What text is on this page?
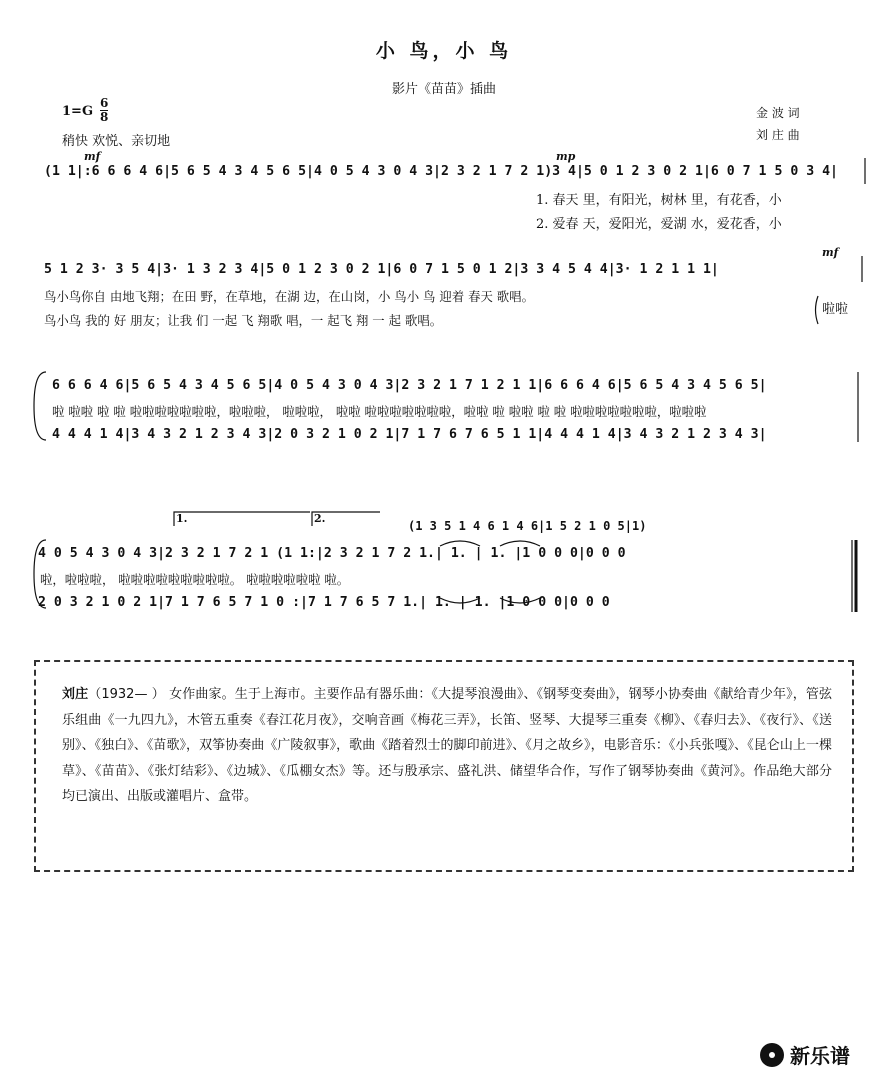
小 鸟，小 鸟
影片《苗苗》插曲
1=G
6
8
稍快 欢悦、亲切地
金 波 词
刘 庄 曲
mf	mp
(1 1|:6 6 6 4 6|5 6 5 4 3 4 5 6 5|4 0 5 4 3 0 4 3|2 3 2 1 7 2 1)3 4|5 0 1 2 3 0 2 1|6 0 7 1 5 0 3 4|
1. 春天 里，有阳光，树林 里，有花香，小
2. 爱春 天，爱阳光，爱湖 水，爱花香，小
mf
5 1 2 3· 3 5 4|3· 1 3 2 3 4|5 0 1 2 3 0 2 1|6 0 7 1 5 0 1 2|3 3 4 5 4 4|3· 1 2 1 1 1|
鸟小鸟你自 由地飞翔；在田 野，在草地，在湖 边，在山岗，小 鸟小 鸟 迎着 春天 歌唱。
鸟小鸟 我的 好 朋友；让我 们 一起 飞 翔歌 唱，一 起飞 翔 一 起 歌唱。
啦啦
6 6 6 4 6|5 6 5 4 3 4 5 6 5|4 0 5 4 3 0 4 3|2 3 2 1 7 1 2 1 1|6 6 6 4 6|5 6 5 4 3 4 5 6 5|
啦 啦啦 啦 啦 啦啦啦啦啦啦啦，啦啦啦， 啦啦啦， 啦啦 啦啦啦啦啦啦啦，啦啦 啦 啦啦 啦 啦 啦啦啦啦啦啦啦，啦啦啦
4 4 4 1 4|3 4 3 2 1 2 3 4 3|2 0 3 2 1 0 2 1|7 1 7 6 7 6 5 1 1|4 4 4 1 4|3 4 3 2 1 2 3 4 3|
1.	2.
(1 3 5 1 4 6 1 4 6|1 5 2 1 0 5|1)
4 0 5 4 3 0 4 3|2 3 2 1 7 2 1 (1 1:|2 3 2 1 7 2 1.| 1. | 1. |1 0 0 0|0 0 0
啦，啦啦啦， 啦啦啦啦啦啦啦啦啦。 啦啦啦啦啦啦 啦。
2 0 3 2 1 0 2 1|7 1 7 6 5 7 1 0 :|7 1 7 6 5 7 1.| 1. | 1. |1 0 0 0|0 0 0
刘庄（1932— ） 女作曲家。生于上海市。主要作品有器乐曲：《大提琴浪漫曲》、《钢琴变奏曲》，钢琴小协奏曲《献给青少年》，管弦乐组曲《一九四九》，木管五重奏《春江花月夜》，交响音画《梅花三弄》，长笛、竖琴、大提琴三重奏《柳》、《春归去》、《夜行》、《送别》、《独白》、《苗歌》，双筝协奏曲《广陵叙事》，歌曲《踏着烈士的脚印前进》、《月之故乡》，电影音乐：《小兵张嘎》、《昆仑山上一棵草》、《苗苗》、《张灯结彩》、《边城》、《瓜棚女杰》等。还与殷承宗、盛礼洪、储望华合作，写作了钢琴协奏曲《黄河》。作品绝大部分均已演出、出版或灌唱片、盒带。
新乐谱
